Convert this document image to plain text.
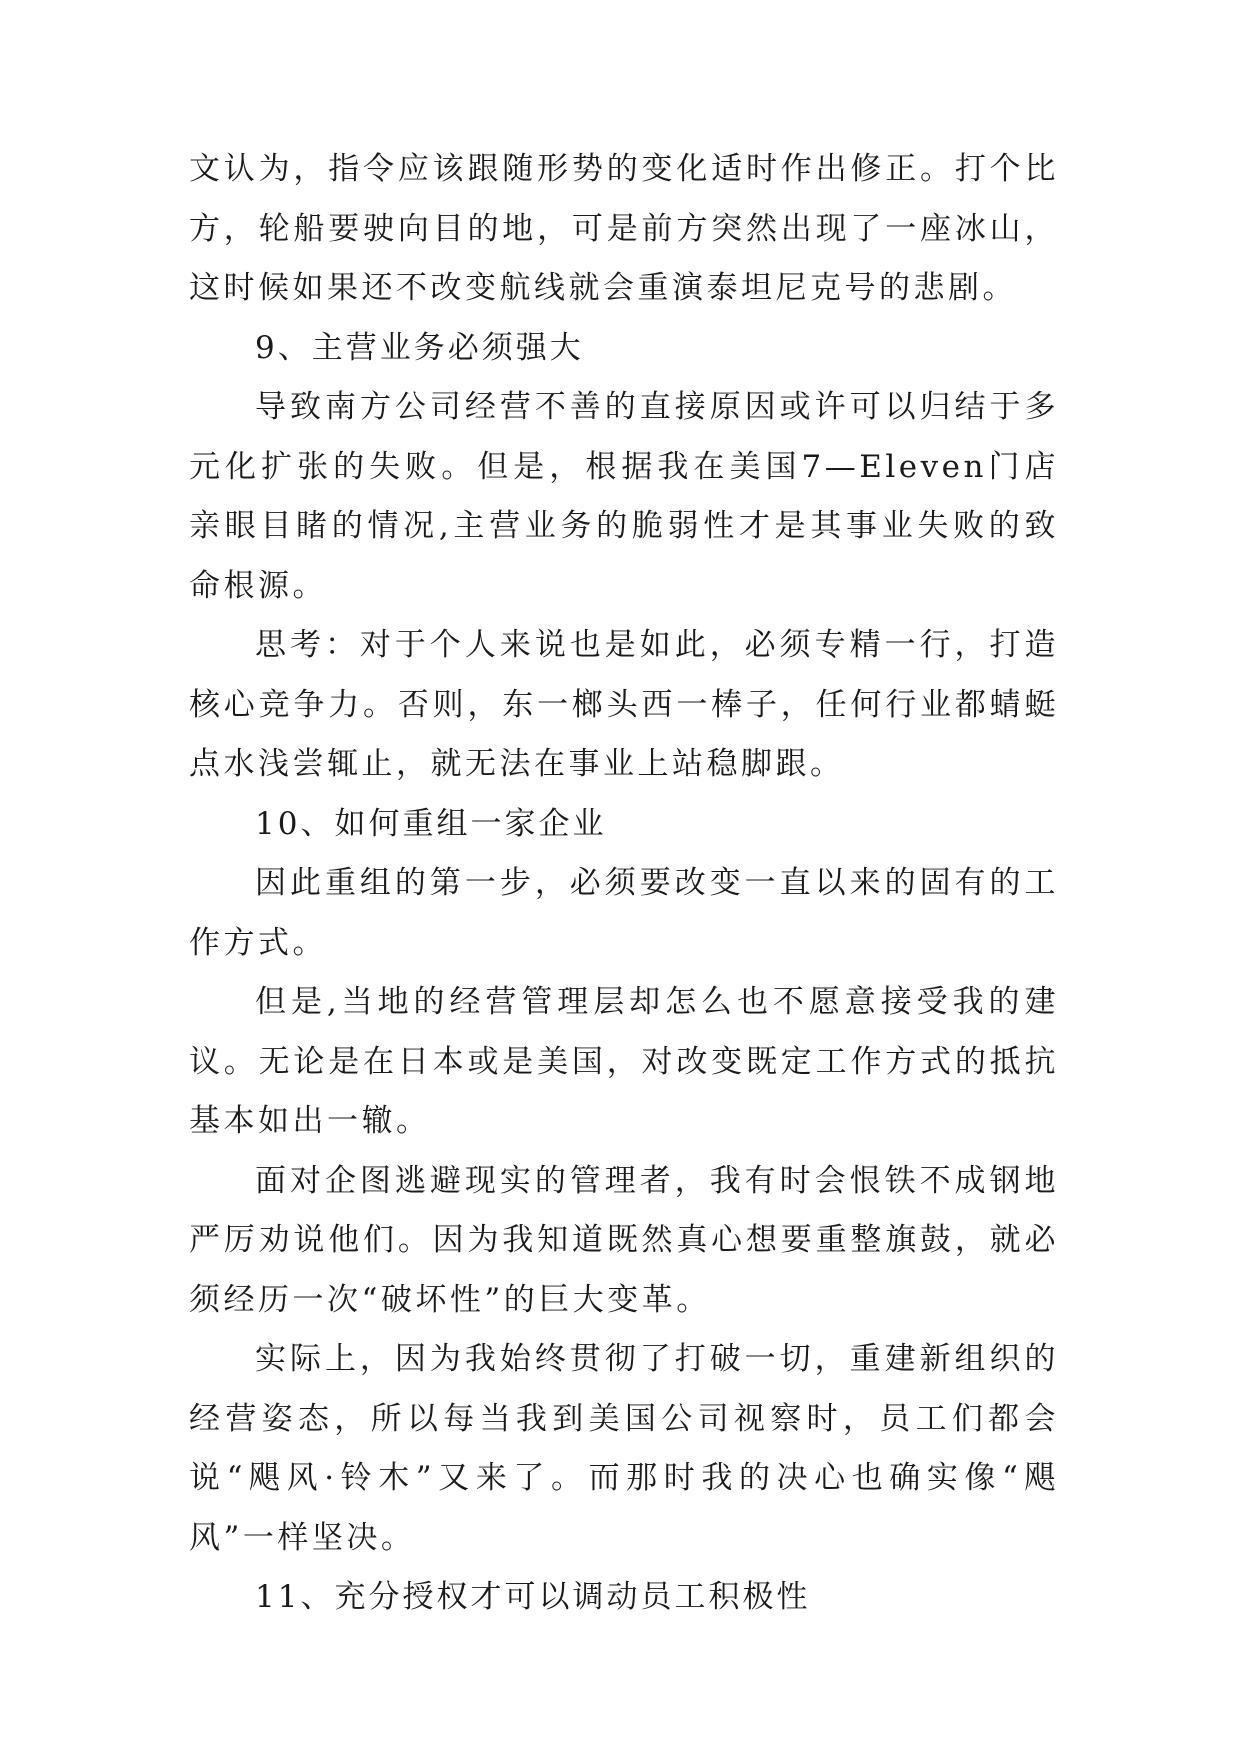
文认为，指令应该跟随形势的变化适时作出修正。打个比方，轮船要驶向目的地，可是前方突然出现了一座冰山，这时候如果还不改变航线就会重演泰坦尼克号的悲剧。

9、主营业务必须强大

导致南方公司经营不善的直接原因或许可以归结于多元化扩张的失败。但是，根据我在美国7—Eleven门店亲眼目睹的情况,主营业务的脆弱性才是其事业失败的致命根源。

思考：对于个人来说也是如此，必须专精一行，打造核心竞争力。否则，东一榔头西一棒子，任何行业都蜻蜓点水浅尝辄止，就无法在事业上站稳脚跟。

10、如何重组一家企业

因此重组的第一步，必须要改变一直以来的固有的工作方式。

但是,当地的经营管理层却怎么也不愿意接受我的建议。无论是在日本或是美国，对改变既定工作方式的抵抗基本如出一辙。

面对企图逃避现实的管理者，我有时会恨铁不成钢地严厉劝说他们。因为我知道既然真心想要重整旗鼓，就必须经历一次“破坏性”的巨大变革。

实际上，因为我始终贯彻了打破一切，重建新组织的经营姿态，所以每当我到美国公司视察时，员工们都会说“飓风·铃木”又来了。而那时我的决心也确实像“飓风”一样坚决。

11、充分授权才可以调动员工积极性
